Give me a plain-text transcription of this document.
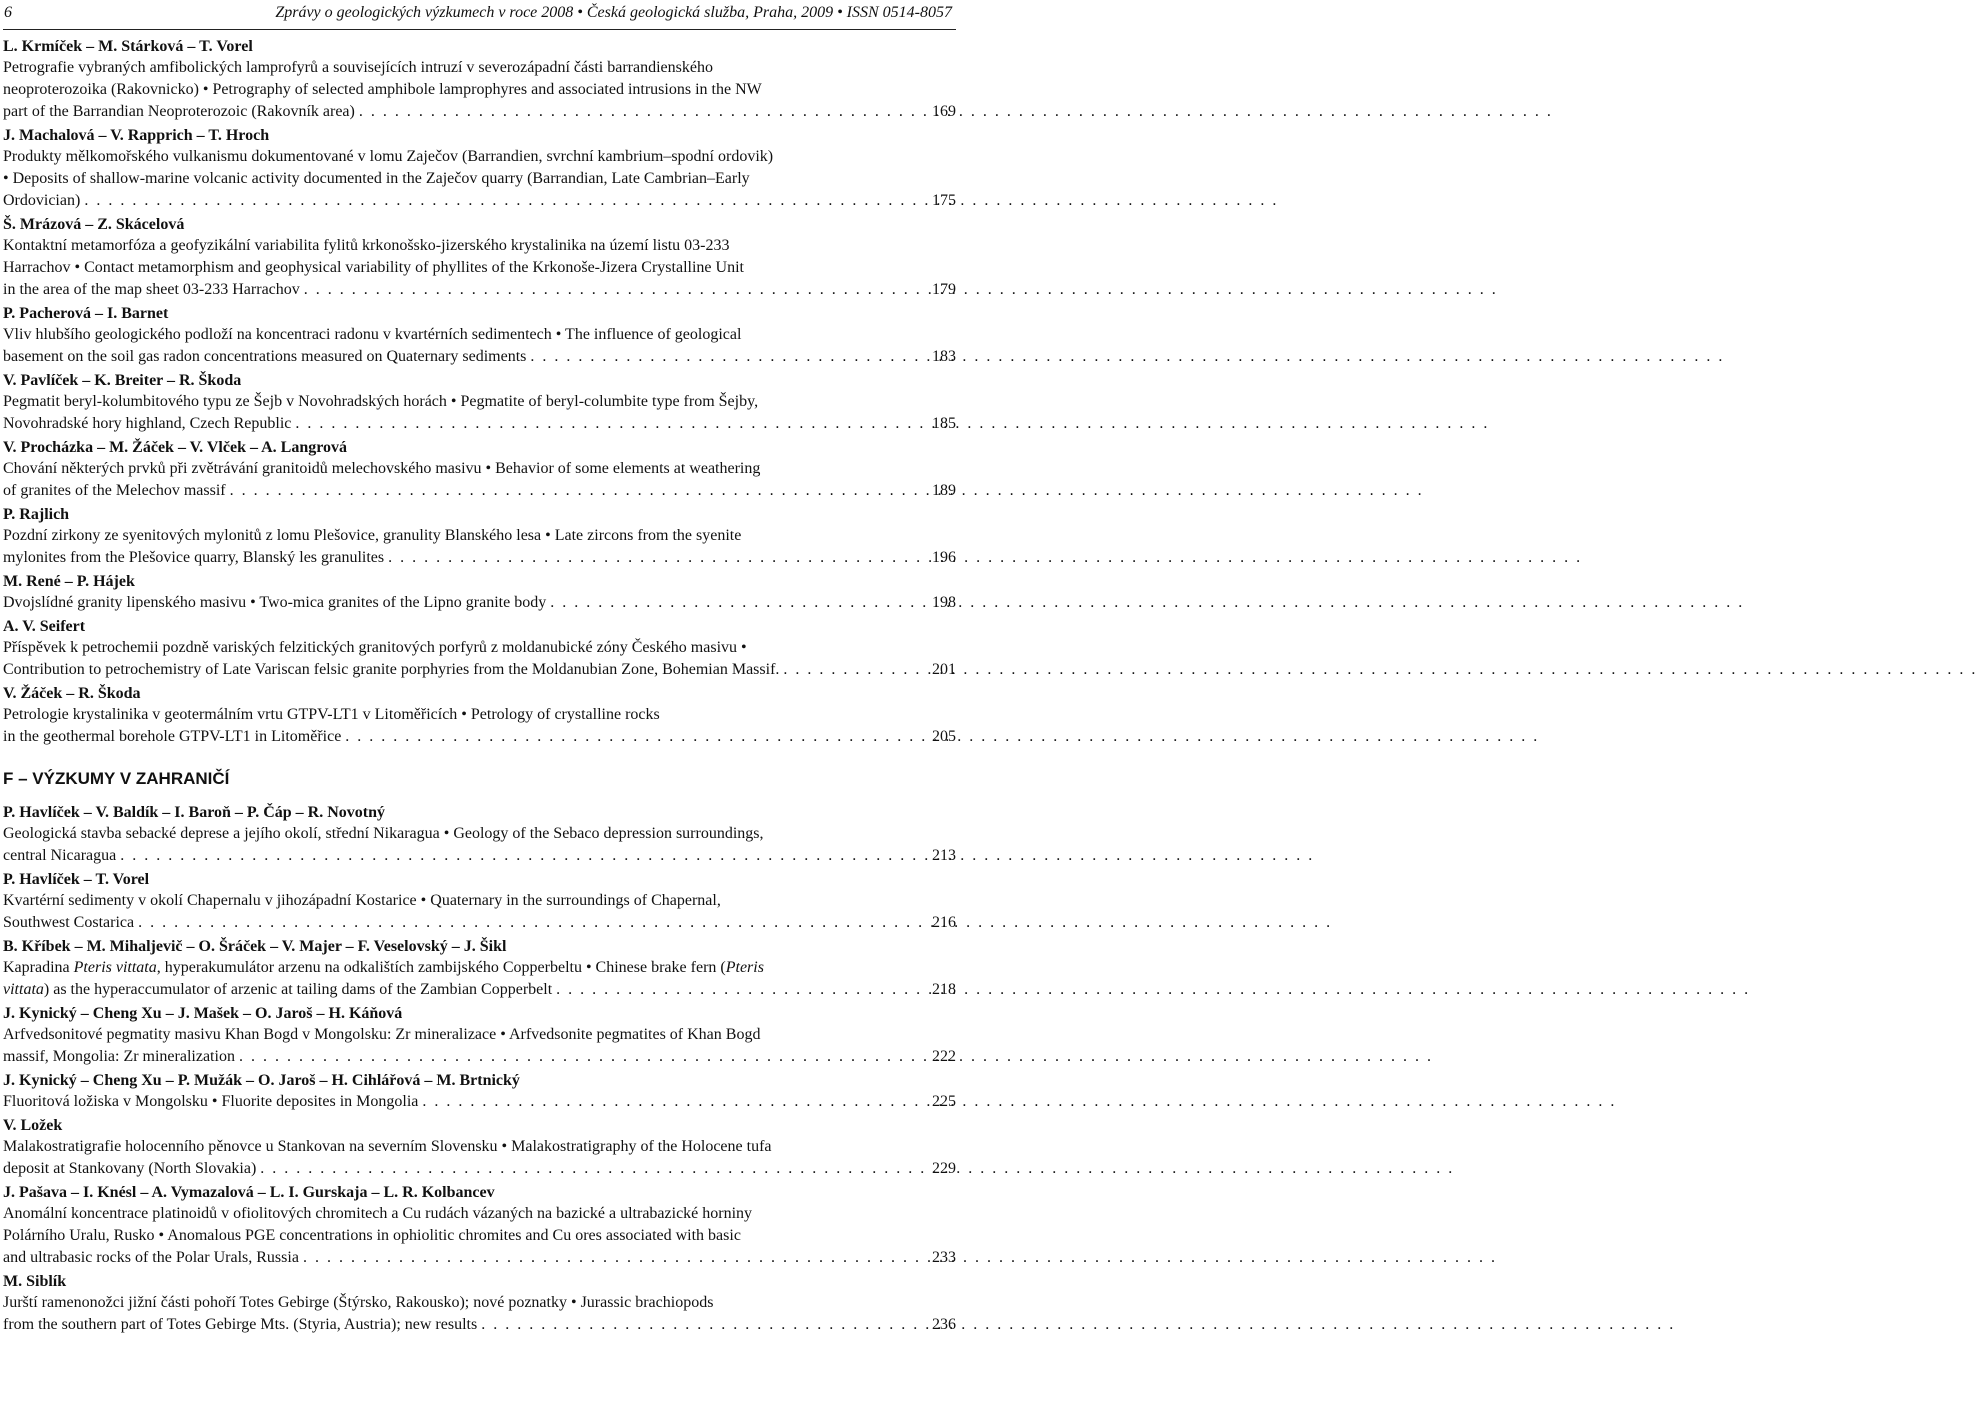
6	Zprávy o geologických výzkumech v roce 2008 • Česká geologická služba, Praha, 2009 • ISSN 0514-8057
L. Krmíček – M. Stárková – T. Vorel
Petrografie vybraných amfibolických lamprofyrů a souvisejících intruzí v severozápadní části barrandienského
neoproterozoika (Rakovnicko) • Petrography of selected amphibole lamprophyres and associated intrusions in the NW
part of the Barrandian Neoproterozoic (Rakovník area) . . .	169
J. Machalová – V. Rapprich – T. Hroch
Produkty mělkomořského vulkanismu dokumentované v lomu Zaječov (Barrandien, svrchní kambrium–spodní ordovik)
• Deposits of shallow-marine volcanic activity documented in the Zaječov quarry (Barrandian, Late Cambrian–Early
Ordovician) . . .	175
Š. Mrázová – Z. Skácelová
Kontaktní metamorfóza a geofyzikální variabilita fylitů krkonošsko-jizerského krystalinika na území listu 03-233
Harrachov • Contact metamorphism and geophysical variability of phyllites of the Krkonoše-Jizera Crystalline Unit
in the area of the map sheet 03-233 Harrachov . . .	179
P. Pacherová – I. Barnet
Vliv hlubšího geologického podloží na koncentraci radonu v kvartérních sedimentech • The influence of geological
basement on the soil gas radon concentrations measured on Quaternary sediments . . .	183
V. Pavlíček – K. Breiter – R. Škoda
Pegmatit beryl-kolumbitového typu ze Šejb v Novohradských horách • Pegmatite of beryl-columbite type from Šejby,
Novohradské hory highland, Czech Republic . . .	185
V. Procházka – M. Žáček – V. Vlček – A. Langrová
Chování některých prvků při zvětrávání granitoidů melechovského masivu • Behavior of some elements at weathering
of granites of the Melechov massif . . .	189
P. Rajlich
Pozdní zirkony ze syenitových mylonitů z lomu Plešovice, granulity Blanského lesa • Late zircons from the syenite
mylonites from the Plešovice quarry, Blanský les granulites . . .	196
M. René – P. Hájek
Dvojslídné granity lipenského masivu • Two-mica granites of the Lipno granite body . . .	198
A. V. Seifert
Příspěvek k petrochemii pozdně variských felzitických granitových porfyrů z moldanubické zóny Českého masivu •
Contribution to petrochemistry of Late Variscan felsic granite porphyries from the Moldanubian Zone, Bohemian Massif. . . .	201
V. Žáček – R. Škoda
Petrologie krystalinika v geotermálním vrtu GTPV-LT1 v Litoměřicích • Petrology of crystalline rocks
in the geothermal borehole GTPV-LT1 in Litoměřice . . .	205
F – VÝZKUMY V ZAHRANIČÍ
P. Havlíček – V. Baldík – I. Baroň – P. Čáp – R. Novotný
Geologická stavba sebacké deprese a jejího okolí, střední Nikaragua • Geology of the Sebaco depression surroundings,
central Nicaragua . . .	213
P. Havlíček – T. Vorel
Kvartérní sedimenty v okolí Chapernalu v jihozápadní Kostarice • Quaternary in the surroundings of Chapernal,
Southwest Costarica . . .	216
B. Kříbek – M. Mihaljevič – O. Šráček – V. Majer – F. Veselovský – J. Šikl
Kapradina Pteris vittata, hyperakumulátor arzenu na odkalištích zambijského Copperbeltu • Chinese brake fern (Pteris
vittata) as the hyperaccumulator of arzenic at tailing dams of the Zambian Copperbelt . . .	218
J. Kynický – Cheng Xu – J. Mašek – O. Jaroš – H. Káňová
Arfvedsonitové pegmatity masivu Khan Bogd v Mongolsku: Zr mineralizace • Arfvedsonite pegmatites of Khan Bogd
massif, Mongolia: Zr mineralization . . .	222
J. Kynický – Cheng Xu – P. Mužák – O. Jaroš – H. Cihlářová – M. Brtnický
Fluoritová ložiska v Mongolsku • Fluorite deposites in Mongolia . . .	225
V. Ložek
Malakostratigrafie holocenního pěnovce u Stankovan na severním Slovensku • Malakostratigraphy of the Holocene tufa
deposit at Stankovany (North Slovakia) . . .	229
J. Pašava – I. Knésl – A. Vymazalová – L. I. Gurskaja – L. R. Kolbancev
Anomální koncentrace platinoidů v ofiolitových chromitech a Cu rudách vázaných na bazické a ultrabazické horniny
Polárního Uralu, Rusko • Anomalous PGE concentrations in ophiolitic chromites and Cu ores associated with basic
and ultrabasic rocks of the Polar Urals, Russia . . .	233
M. Siblík
Jurští ramenonožci jižní části pohoří Totes Gebirge (Štýrsko, Rakousko); nové poznatky • Jurassic brachiopods
from the southern part of Totes Gebirge Mts. (Styria, Austria); new results . . .	236
